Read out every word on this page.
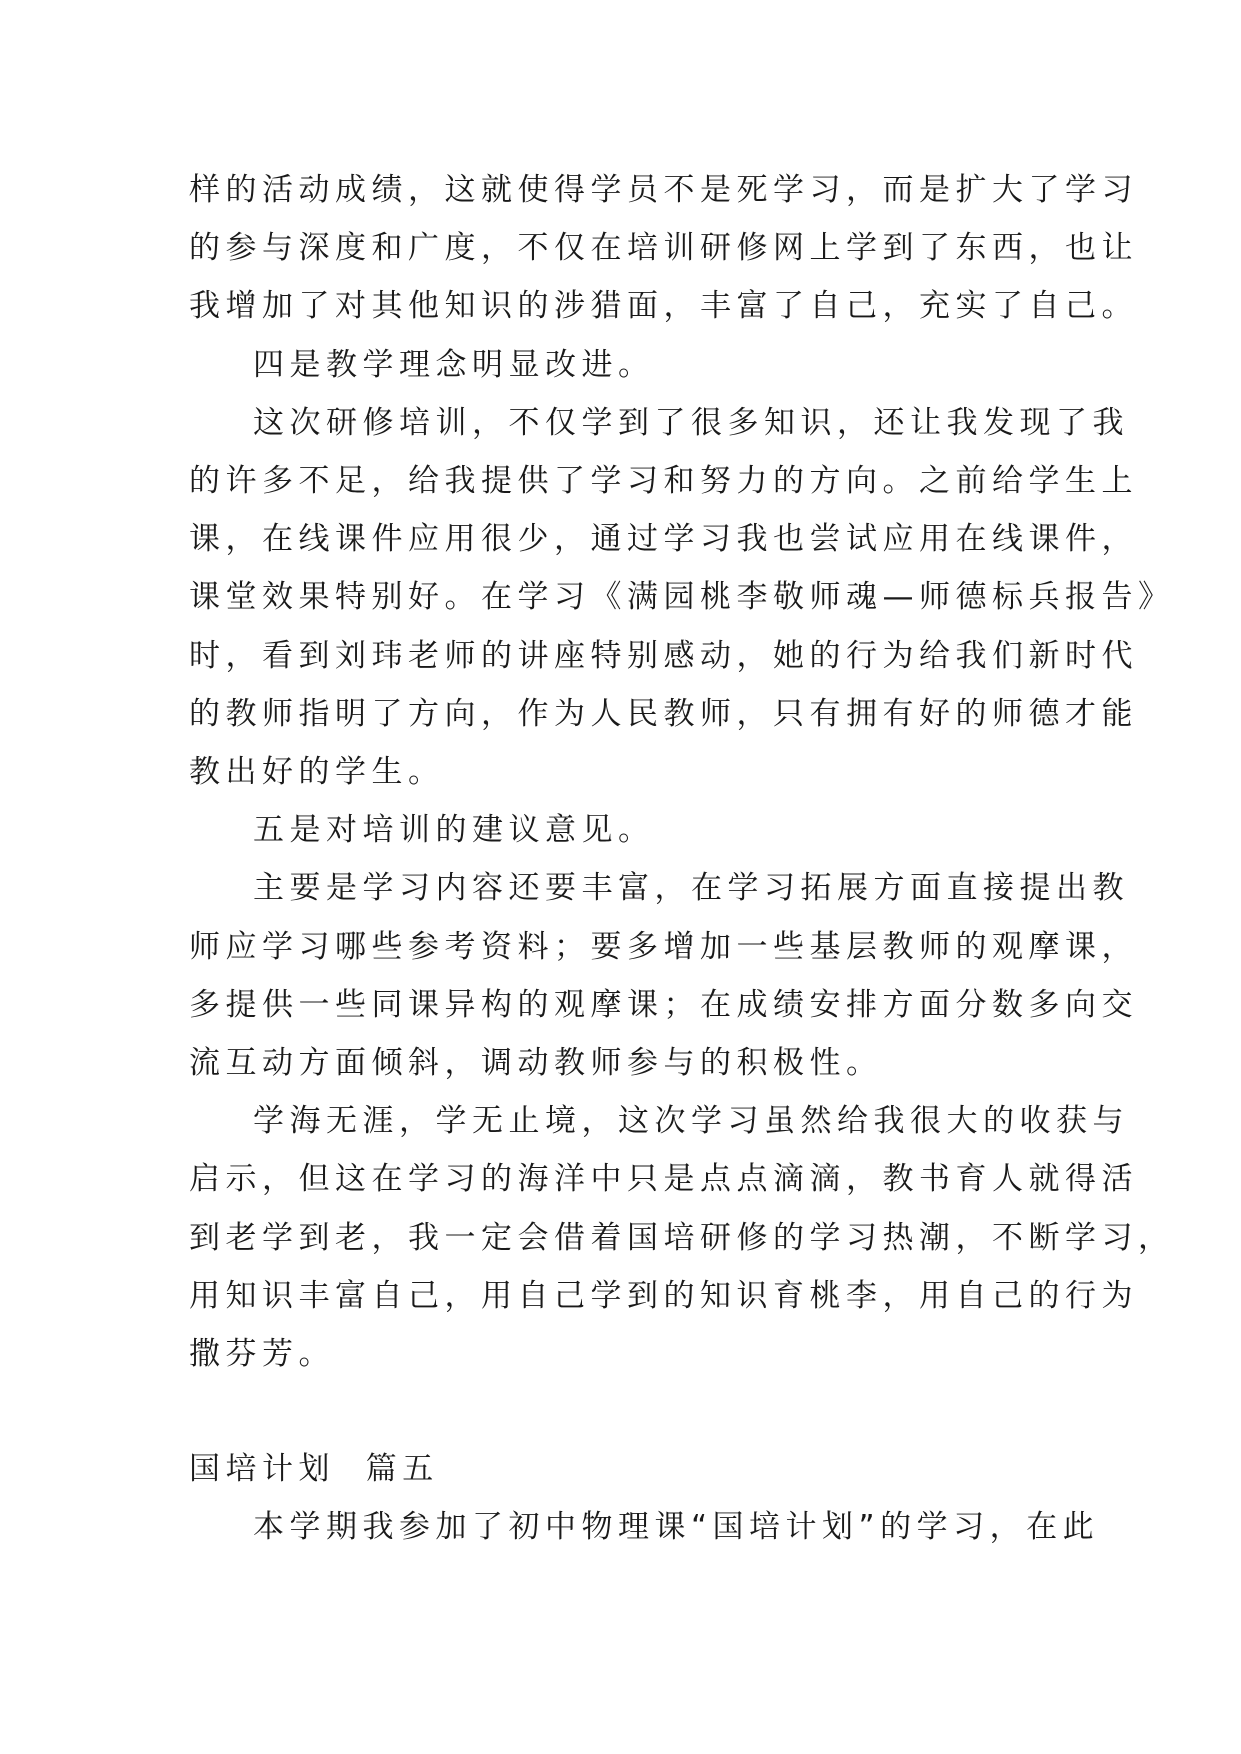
样的活动成绩，这就使得学员不是死学习，而是扩大了学习

的参与深度和广度，不仅在培训研修网上学到了东西，也让

我增加了对其他知识的涉猎面，丰富了自己，充实了自己。

四是教学理念明显改进。

这次研修培训，不仅学到了很多知识，还让我发现了我

的许多不足，给我提供了学习和努力的方向。之前给学生上

课，在线课件应用很少，通过学习我也尝试应用在线课件，

课堂效果特别好。在学习《满园桃李敬师魂—师德标兵报告》

时，看到刘玮老师的讲座特别感动，她的行为给我们新时代

的教师指明了方向，作为人民教师，只有拥有好的师德才能

教出好的学生。

五是对培训的建议意见。

主要是学习内容还要丰富，在学习拓展方面直接提出教

师应学习哪些参考资料；要多增加一些基层教师的观摩课，

多提供一些同课异构的观摩课；在成绩安排方面分数多向交

流互动方面倾斜，调动教师参与的积极性。

学海无涯，学无止境，这次学习虽然给我很大的收获与

启示，但这在学习的海洋中只是点点滴滴，教书育人就得活

到老学到老，我一定会借着国培研修的学习热潮，不断学习，

用知识丰富自己，用自己学到的知识育桃李，用自己的行为

撒芬芳。

国培计划  篇五

本学期我参加了初中物理课“国培计划”的学习，在此
